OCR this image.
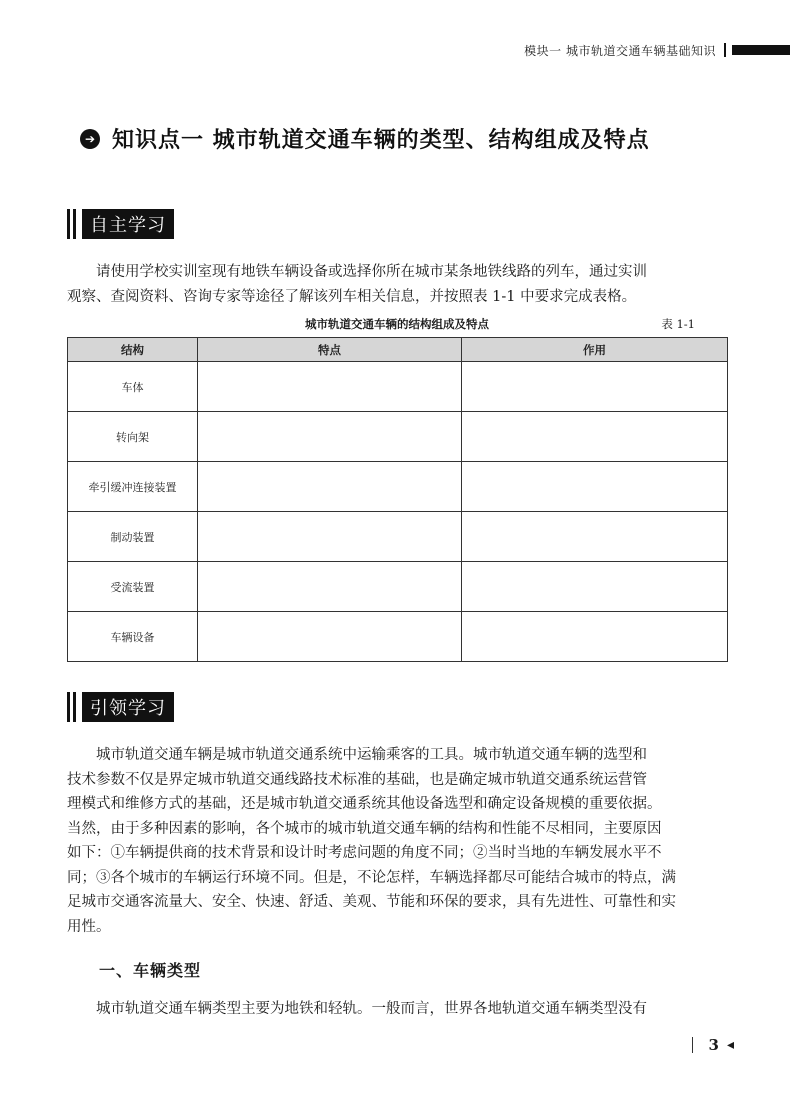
模块一 城市轨道交通车辆基础知识
➔ 知识点一 城市轨道交通车辆的类型、结构组成及特点
自主学习
请使用学校实训室现有地铁车辆设备或选择你所在城市某条地铁线路的列车，通过实训
观察、查阅资料、咨询专家等途径了解该列车相关信息，并按照表 1-1 中要求完成表格。
城市轨道交通车辆的结构组成及特点	表 1-1
结构	特点	作用
车体		
转向架		
牵引缓冲连接装置		
制动装置		
受流装置		
车辆设备		
引领学习
城市轨道交通车辆是城市轨道交通系统中运输乘客的工具。城市轨道交通车辆的选型和
技术参数不仅是界定城市轨道交通线路技术标准的基础，也是确定城市轨道交通系统运营管
理模式和维修方式的基础，还是城市轨道交通系统其他设备选型和确定设备规模的重要依据。
当然，由于多种因素的影响，各个城市的城市轨道交通车辆的结构和性能不尽相同，主要原因
如下：①车辆提供商的技术背景和设计时考虑问题的角度不同；②当时当地的车辆发展水平不
同；③各个城市的车辆运行环境不同。但是，不论怎样，车辆选择都尽可能结合城市的特点，满
足城市交通客流量大、安全、快速、舒适、美观、节能和环保的要求，具有先进性、可靠性和实
用性。
一、车辆类型
城市轨道交通车辆类型主要为地铁和轻轨。一般而言，世界各地轨道交通车辆类型没有
3 ◂
